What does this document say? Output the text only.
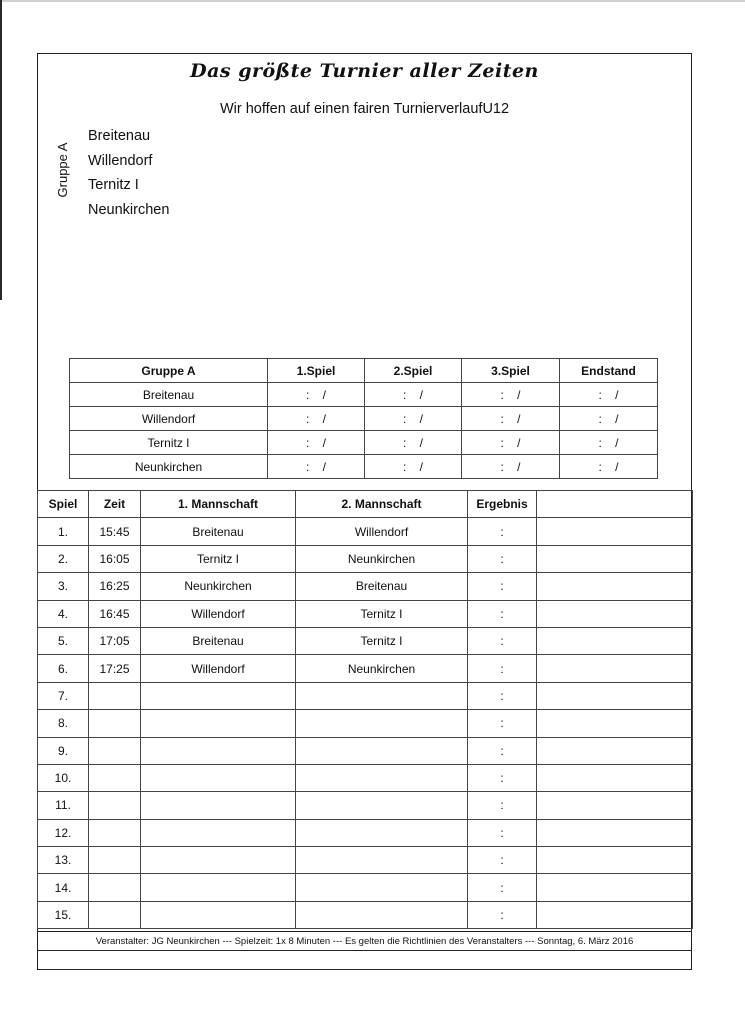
Das größte Turnier aller Zeiten
Wir hoffen auf einen fairen TurnierverlaufU12
Gruppe A
Breitenau
Willendorf
Ternitz I
Neunkirchen
Gruppe A	1.Spiel	2.Spiel	3.Spiel	Endstand
Breitenau	:    /	:    /	:    /	:    /
Willendorf	:    /	:    /	:    /	:    /
Ternitz I	:    /	:    /	:    /	:    /
Neunkirchen	:    /	:    /	:    /	:    /
Spiel	Zeit	1. Mannschaft	2. Mannschaft	Ergebnis	
1.	15:45	Breitenau	Willendorf	:	
2.	16:05	Ternitz I	Neunkirchen	:	
3.	16:25	Neunkirchen	Breitenau	:	
4.	16:45	Willendorf	Ternitz I	:	
5.	17:05	Breitenau	Ternitz I	:	
6.	17:25	Willendorf	Neunkirchen	:	
7.				:	
8.				:	
9.				:	
10.				:	
11.				:	
12.				:	
13.				:	
14.				:	
15.				:	
Veranstalter: JG Neunkirchen --- Spielzeit: 1x 8 Minuten --- Es gelten die Richtlinien des Veranstalters --- Sonntag, 6. März 2016
